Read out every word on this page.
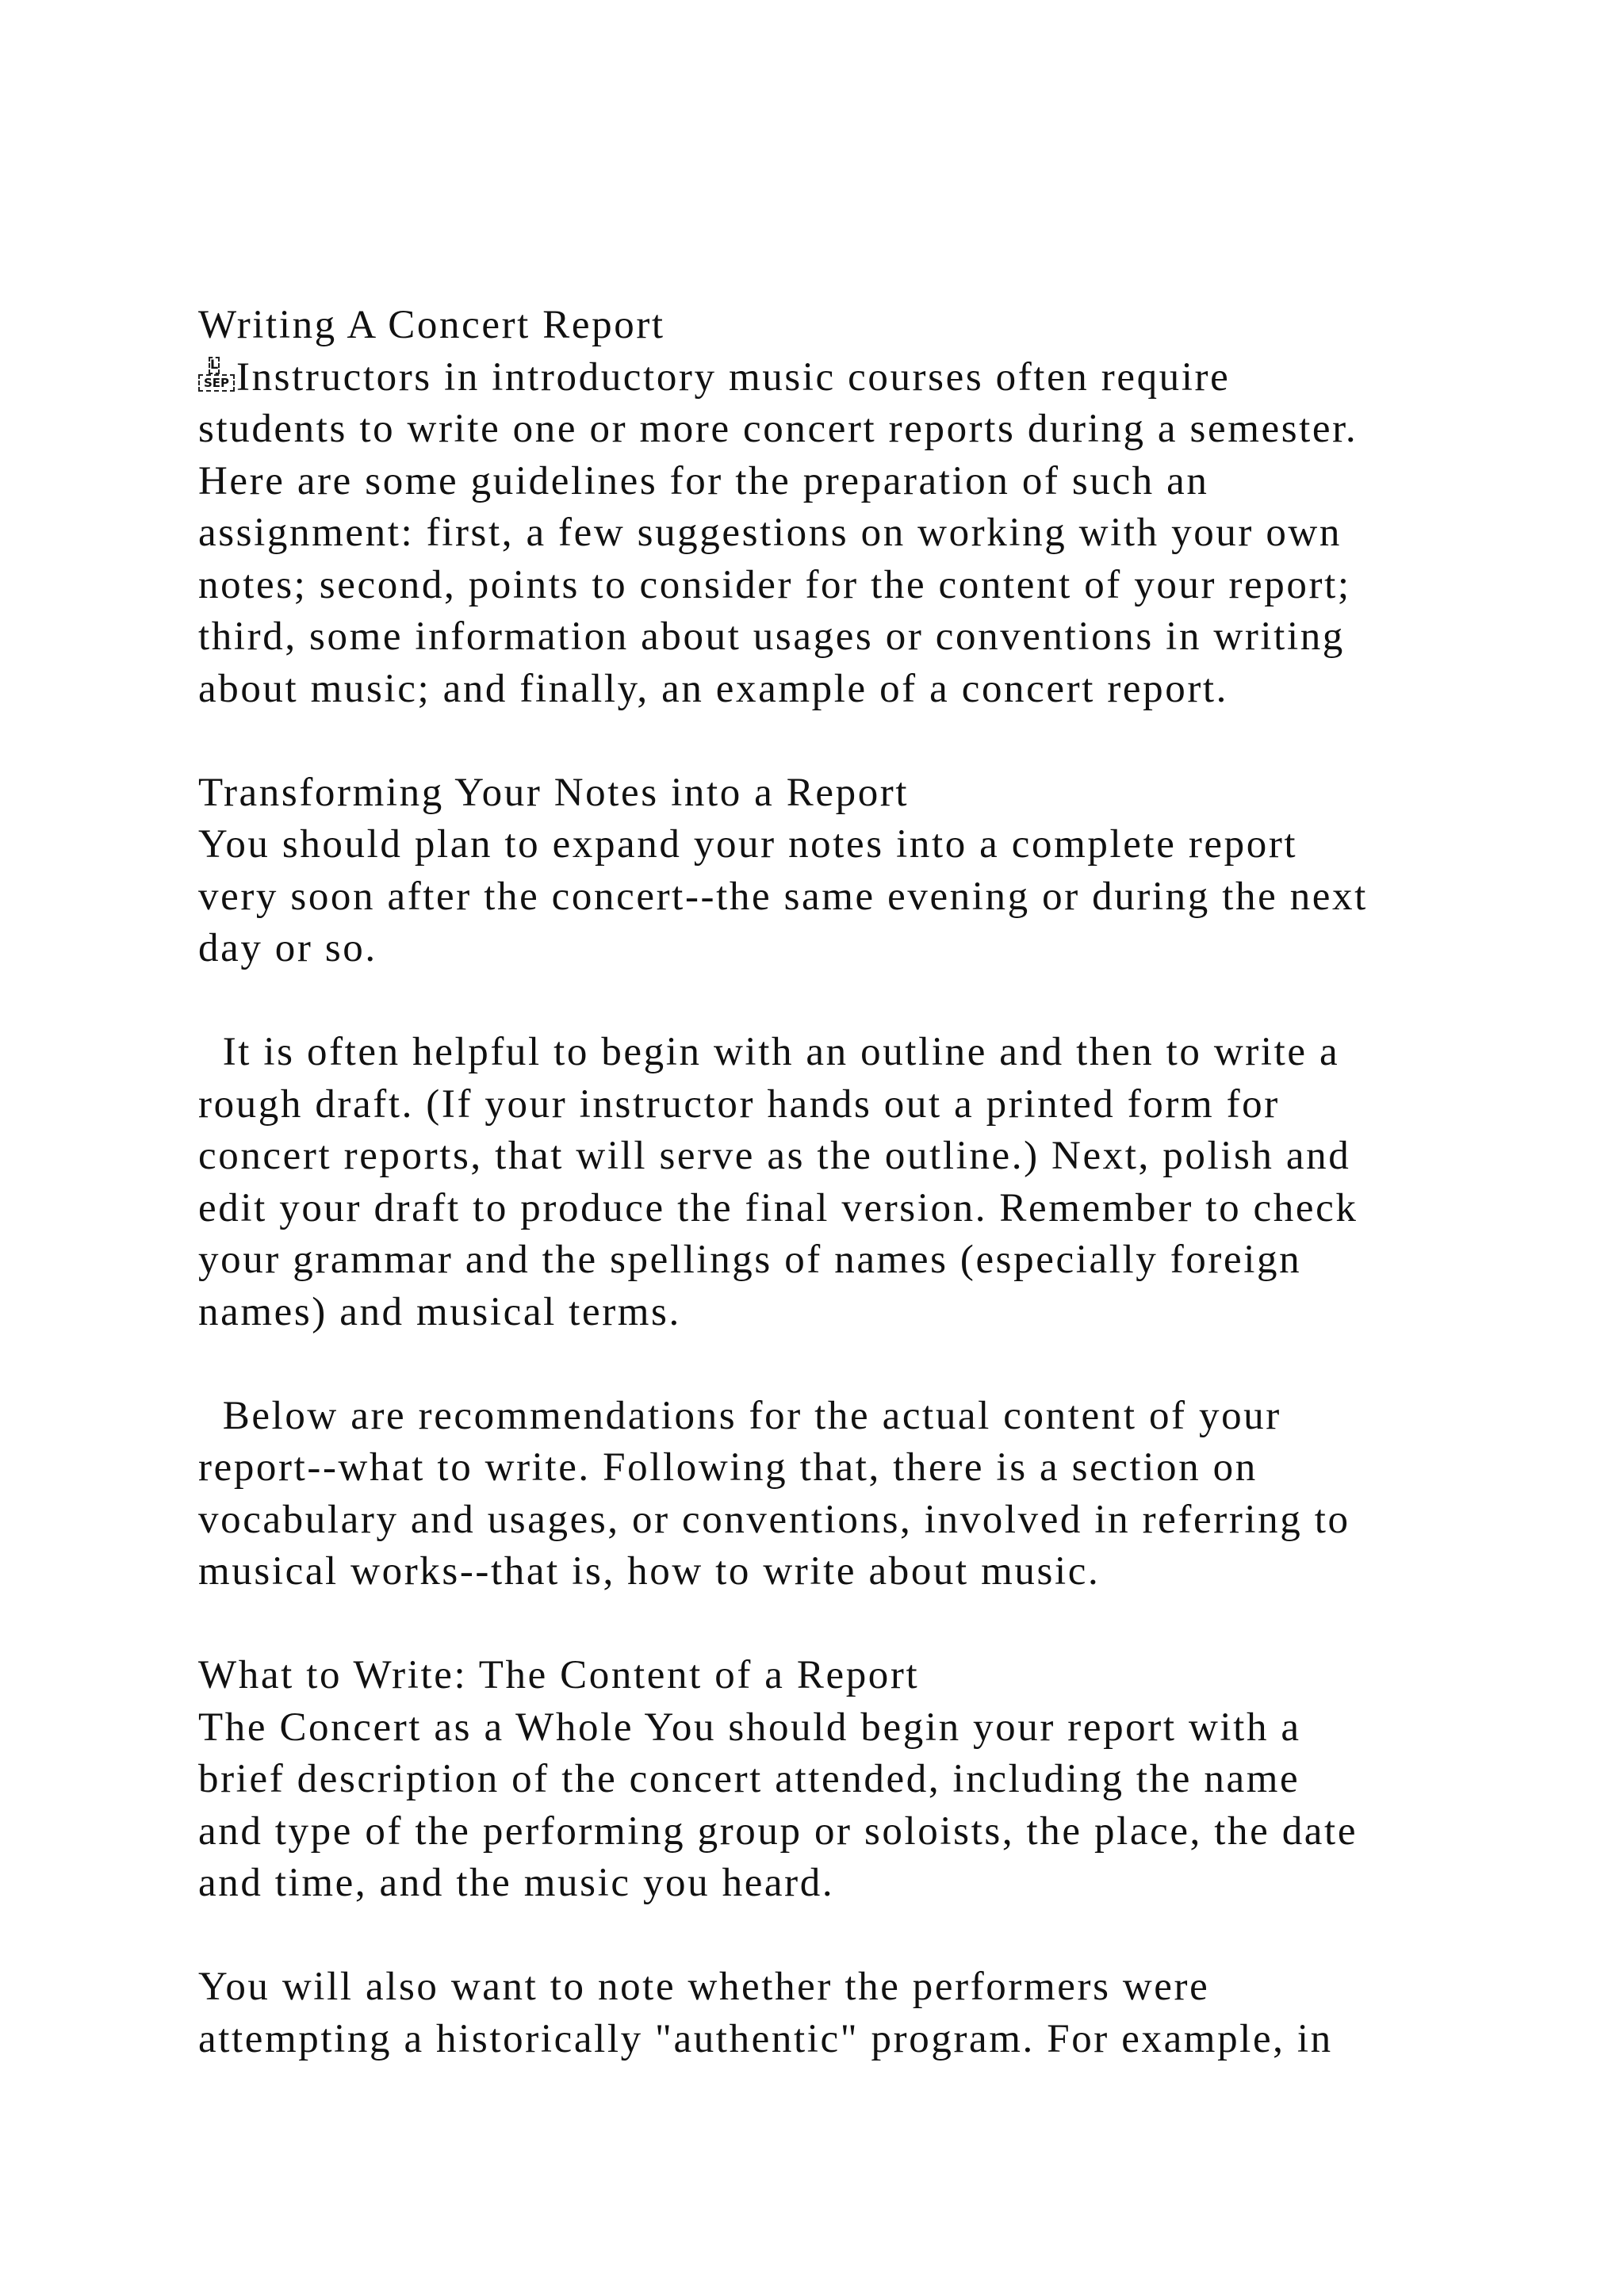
Writing A Concert Report
L
SEP Instructors in introductory music courses often require
students to write one or more concert reports during a semester.
Here are some guidelines for the preparation of such an
assignment: first, a few suggestions on working with your own
notes; second, points to consider for the content of your report;
third, some information about usages or conventions in writing
about music; and finally, an example of a concert report.
Transforming Your Notes into a Report
You should plan to expand your notes into a complete report
very soon after the concert--the same evening or during the next
day or so.
It is often helpful to begin with an outline and then to write a
rough draft. (If your instructor hands out a printed form for
concert reports, that will serve as the outline.) Next, polish and
edit your draft to produce the final version. Remember to check
your grammar and the spellings of names (especially foreign
names) and musical terms.
Below are recommendations for the actual content of your
report--what to write. Following that, there is a section on
vocabulary and usages, or conventions, involved in referring to
musical works--that is, how to write about music.
What to Write: The Content of a Report
The Concert as a Whole You should begin your report with a
brief description of the concert attended, including the name
and type of the performing group or soloists, the place, the date
and time, and the music you heard.
You will also want to note whether the performers were
attempting a historically "authentic" program. For example, in
